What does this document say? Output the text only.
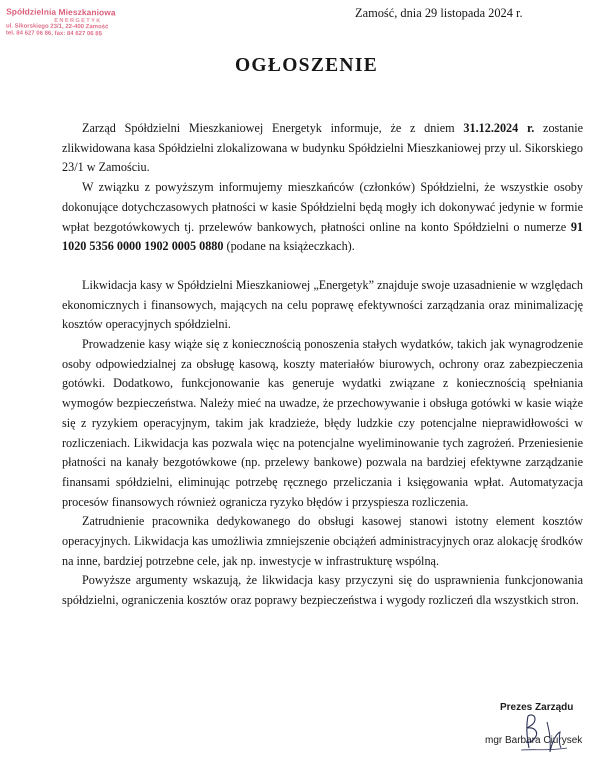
Spółdzielnia Mieszkaniowa
ENERGETYK
ul. Sikorskiego 23/1, 22-400 Zamość
tel. 84 627 06 86, fax: 84 627 06 85
Zamość, dnia 29 listopada 2024 r.
OGŁOSZENIE

Zarząd Spółdzielni Mieszkaniowej Energetyk informuje, że z dniem 31.12.2024 r. zostanie zlikwidowana kasa Spółdzielni zlokalizowana w budynku Spółdzielni Mieszkaniowej przy ul. Sikorskiego 23/1 w Zamościu.

W związku z powyższym informujemy mieszkańców (członków) Spółdzielni, że wszystkie osoby dokonujące dotychczasowych płatności w kasie Spółdzielni będą mogły ich dokonywać jedynie w formie wpłat bezgotówkowych tj. przelewów bankowych, płatności online na konto Spółdzielni o numerze 91 1020 5356 0000 1902 0005 0880 (podane na książeczkach).

Likwidacja kasy w Spółdzielni Mieszkaniowej „Energetyk” znajduje swoje uzasadnienie w względach ekonomicznych i finansowych, mających na celu poprawę efektywności zarządzania oraz minimalizację kosztów operacyjnych spółdzielni.

Prowadzenie kasy wiąże się z koniecznością ponoszenia stałych wydatków, takich jak wynagrodzenie osoby odpowiedzialnej za obsługę kasową, koszty materiałów biurowych, ochrony oraz zabezpieczenia gotówki. Dodatkowo, funkcjonowanie kas generuje wydatki związane z koniecznością spełniania wymogów bezpieczeństwa. Należy mieć na uwadze, że przechowywanie i obsługa gotówki w kasie wiąże się z ryzykiem operacyjnym, takim jak kradzieże, błędy ludzkie czy potencjalne nieprawidłowości w rozliczeniach. Likwidacja kas pozwala więc na potencjalne wyeliminowanie tych zagrożeń. Przeniesienie płatności na kanały bezgotówkowe (np. przelewy bankowe) pozwala na bardziej efektywne zarządzanie finansami spółdzielni, eliminując potrzebę ręcznego przeliczania i księgowania wpłat. Automatyzacja procesów finansowych również ogranicza ryzyko błędów i przyspiesza rozliczenia.

Zatrudnienie pracownika dedykowanego do obsługi kasowej stanowi istotny element kosztów operacyjnych. Likwidacja kas umożliwia zmniejszenie obciążeń administracyjnych oraz alokację środków na inne, bardziej potrzebne cele, jak np. inwestycje w infrastrukturę wspólną.

Powyższe argumenty wskazują, że likwidacja kasy przyczyni się do usprawnienia funkcjonowania spółdzielni, ograniczenia kosztów oraz poprawy bezpieczeństwa i wygody rozliczeń dla wszystkich stron.

Prezes Zarządu
mgr Barbara Ciurysek
